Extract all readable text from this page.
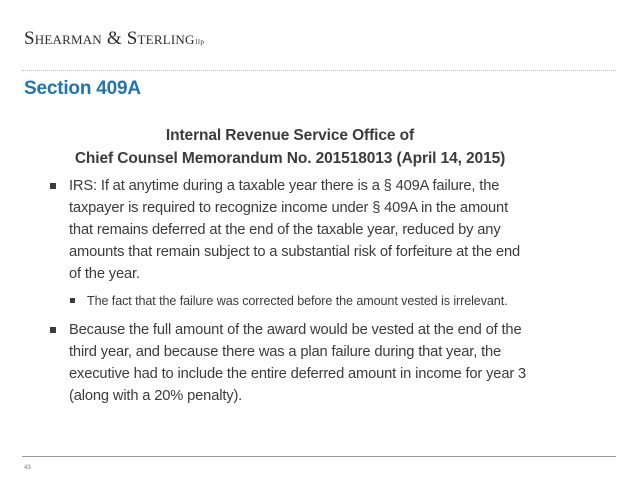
Shearman & Sterlingllp
Section 409A
Internal Revenue Service Office of
Chief Counsel Memorandum No. 201518013 (April 14, 2015)
IRS: If at anytime during a taxable year there is a § 409A failure, the taxpayer is required to recognize income under § 409A in the amount that remains deferred at the end of the taxable year, reduced by any amounts that remain subject to a substantial risk of forfeiture at the end of the year.
The fact that the failure was corrected before the amount vested is irrelevant.
Because the full amount of the award would be vested at the end of the third year, and because there was a plan failure during that year, the executive had to include the entire deferred amount in income for year 3 (along with a 20% penalty).
43
